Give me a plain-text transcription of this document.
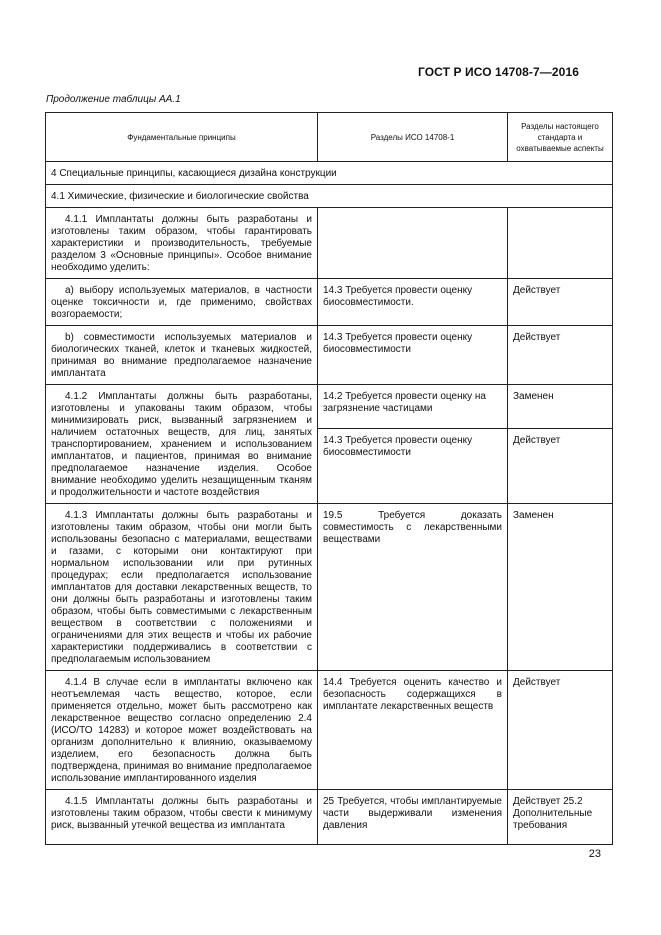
ГОСТ Р ИСО 14708-7—2016
Продолжение таблицы АА.1
Фундаментальные принципы	Разделы ИСО 14708-1	Разделы настоящего стандарта и охватываемые аспекты
4 Специальные принципы, касающиеся дизайна конструкции		
4.1 Химические, физические и биологические свойства		
4.1.1 Имплантаты должны быть разработаны и изготовлены таким образом, чтобы гарантировать характеристики и производительность, требуемые разделом 3 «Основные принципы». Особое внимание необходимо уделить:		
a) выбору используемых материалов, в частности оценке токсичности и, где применимо, свойствах возгораемости;	14.3 Требуется провести оценку биосовместимости.	Действует
b) совместимости используемых материалов и биологических тканей, клеток и тканевых жидкостей, принимая во внимание предполагаемое назначение имплантата	14.3 Требуется провести оценку биосовместимости	Действует
4.1.2 Имплантаты должны быть разработаны, изготовлены и упакованы таким образом, чтобы минимизировать риск, вызванный загрязнением и наличием остаточных веществ, для лиц, занятых транспортированием, хранением и использованием имплантатов, и пациентов, принимая во внимание предполагаемое назначение изделия. Особое внимание необходимо уделить незащищенным тканям и продолжительности и частоте воздействия	14.2 Требуется провести оценку на загрязнение частицами	Заменен
	14.3 Требуется провести оценку биосовместимости	Действует
4.1.3 Имплантаты должны быть разработаны и изготовлены таким образом, чтобы они могли быть использованы безопасно с материалами, веществами и газами, с которыми они контактируют при нормальном использовании или при рутинных процедурах; если предполагается использование имплантатов для доставки лекарственных веществ, то они должны быть разработаны и изготовлены таким образом, чтобы быть совместимыми с лекарственным веществом в соответствии с положениями и ограничениями для этих веществ и чтобы их рабочие характеристики поддерживались в соответствии с предполагаемым использованием	19.5 Требуется доказать совместимость с лекарственными веществами	Заменен
4.1.4 В случае если в имплантаты включено как неотъемлемая часть вещество, которое, если применяется отдельно, может быть рассмотрено как лекарственное вещество согласно определению 2.4 (ИСО/ТО 14283) и которое может воздействовать на организм дополнительно к влиянию, оказываемому изделием, его безопасность должна быть подтверждена, принимая во внимание предполагаемое использование имплантированного изделия	14.4 Требуется оценить качество и безопасность содержащихся в имплантате лекарственных веществ	Действует
4.1.5 Имплантаты должны быть разработаны и изготовлены таким образом, чтобы свести к минимуму риск, вызванный утечкой вещества из имплантата	25 Требуется, чтобы имплантируемые части выдерживали изменения давления	Действует 25.2 Дополнительные требования
23
